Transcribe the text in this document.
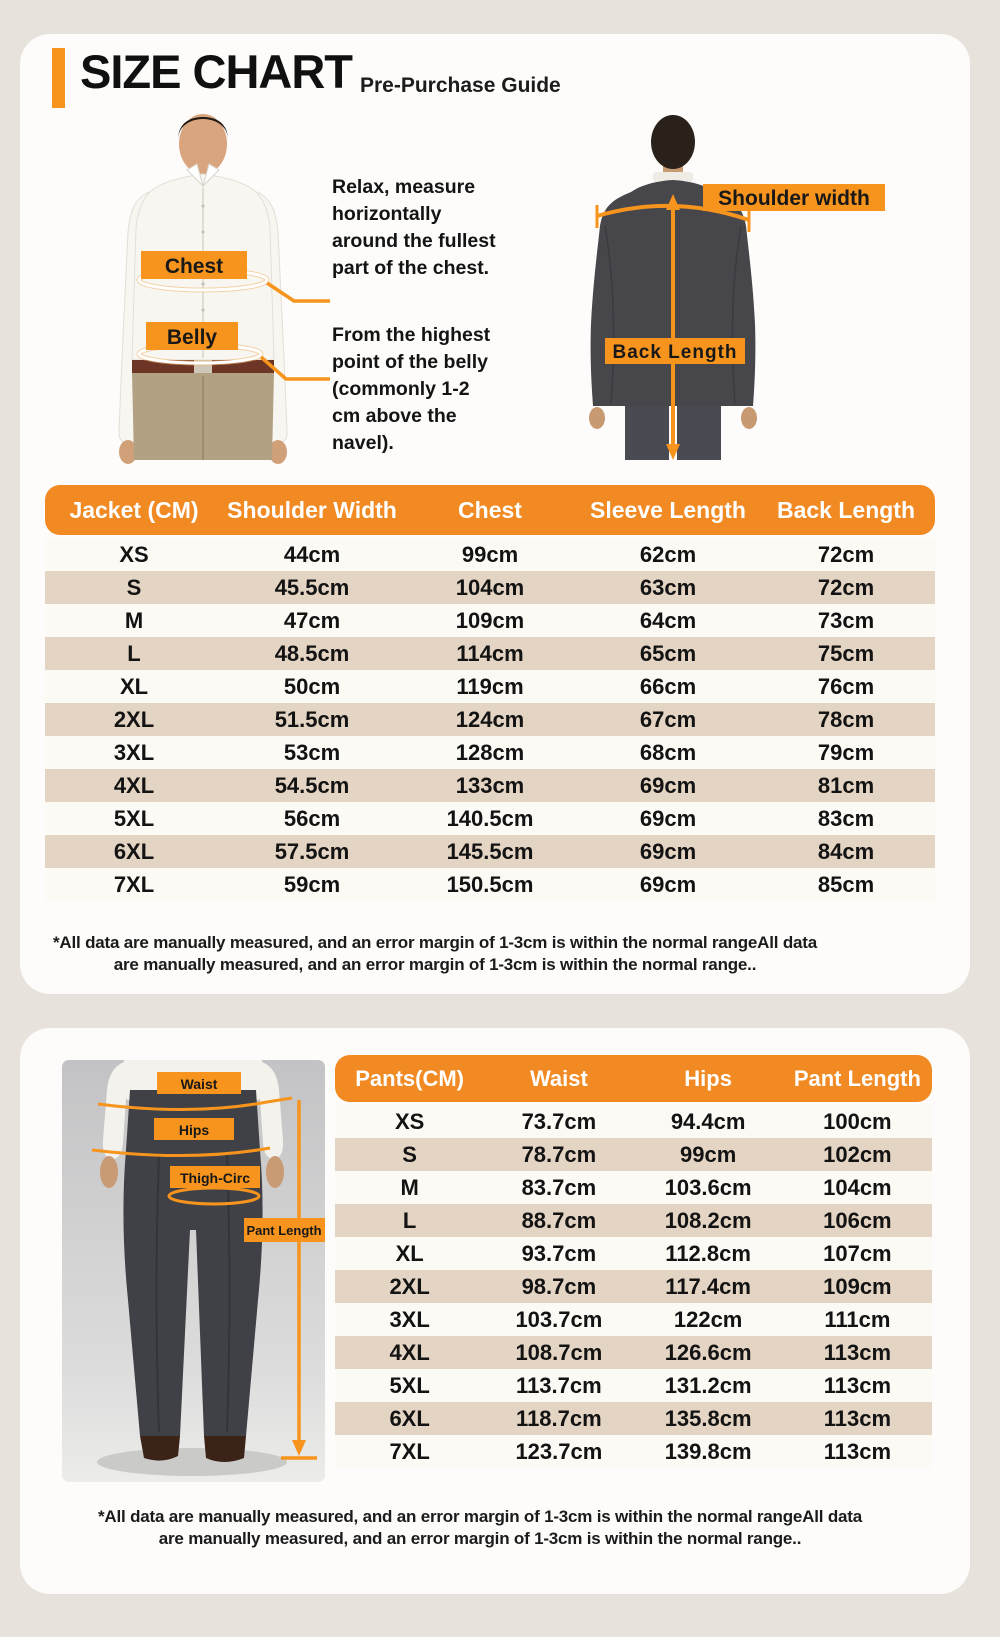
SIZE CHART Pre-Purchase Guide
Chest
Belly
Relax, measure horizontally around the fullest part of the chest.
From the highest point of the belly (commonly 1-2 cm above the navel).
Shoulder width
Back Length
Jacket (CM)	Shoulder Width	Chest	Sleeve Length	Back Length
XS	44cm	99cm	62cm	72cm
S	45.5cm	104cm	63cm	72cm
M	47cm	109cm	64cm	73cm
L	48.5cm	114cm	65cm	75cm
XL	50cm	119cm	66cm	76cm
2XL	51.5cm	124cm	67cm	78cm
3XL	53cm	128cm	68cm	79cm
4XL	54.5cm	133cm	69cm	81cm
5XL	56cm	140.5cm	69cm	83cm
6XL	57.5cm	145.5cm	69cm	84cm
7XL	59cm	150.5cm	69cm	85cm
*All data are manually measured, and an error margin of 1-3cm is within the normal rangeAll data
are manually measured, and an error margin of 1-3cm is within the normal range..
Waist
Hips
Thigh-Circ
Pant Length
Pants(CM)	Waist	Hips	Pant Length
XS	73.7cm	94.4cm	100cm
S	78.7cm	99cm	102cm
M	83.7cm	103.6cm	104cm
L	88.7cm	108.2cm	106cm
XL	93.7cm	112.8cm	107cm
2XL	98.7cm	117.4cm	109cm
3XL	103.7cm	122cm	111cm
4XL	108.7cm	126.6cm	113cm
5XL	113.7cm	131.2cm	113cm
6XL	118.7cm	135.8cm	113cm
7XL	123.7cm	139.8cm	113cm
*All data are manually measured, and an error margin of 1-3cm is within the normal rangeAll data
are manually measured, and an error margin of 1-3cm is within the normal range..
